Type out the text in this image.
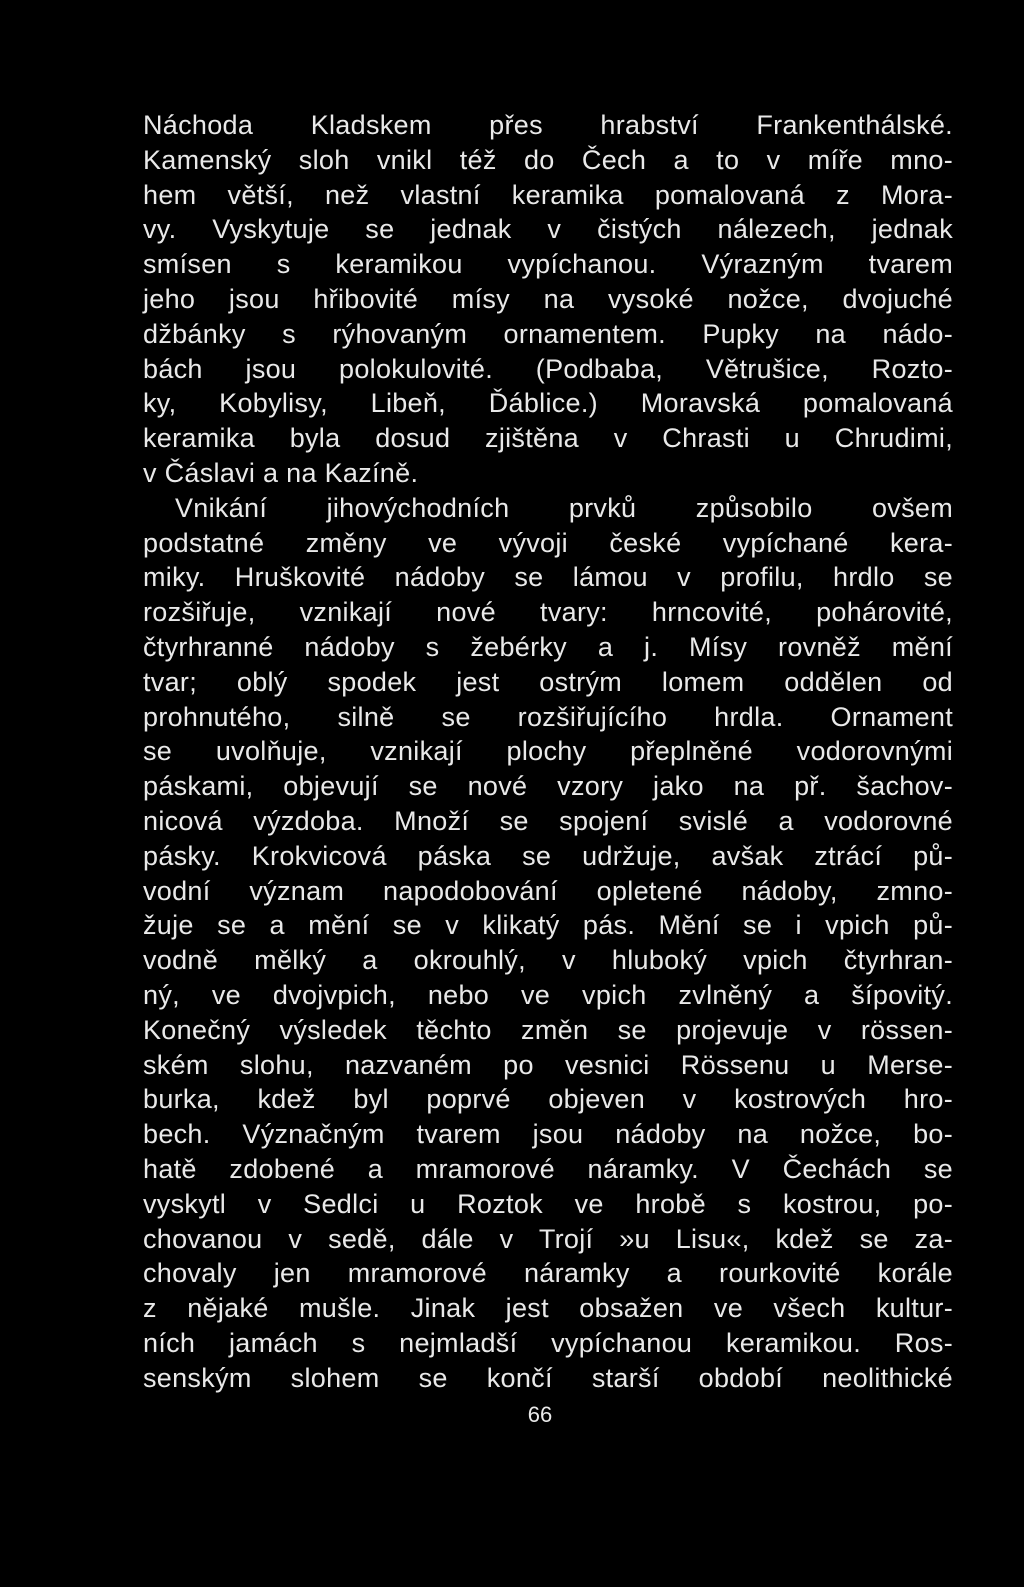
Náchoda Kladskem přes hrabství Frankenthálské.
Kamenský sloh vnikl též do Čech a to v míře mno-
hem větší, než vlastní keramika pomalovaná z Mora-
vy. Vyskytuje se jednak v čistých nálezech, jednak
smísen s keramikou vypíchanou. Výrazným tvarem
jeho jsou hřibovité mísy na vysoké nožce, dvojuché
džbánky s rýhovaným ornamentem. Pupky na nádo-
bách jsou polokulovité. (Podbaba, Větrušice, Rozto-
ky, Kobylisy, Libeň, Ďáblice.) Moravská pomalovaná
keramika byla dosud zjištěna v Chrasti u Chrudimi,
v Čáslavi a na Kazíně.
Vnikání jihovýchodních prvků způsobilo ovšem
podstatné změny ve vývoji české vypíchané kera-
miky. Hruškovité nádoby se lámou v profilu, hrdlo se
rozšiřuje, vznikají nové tvary: hrncovité, pohárovité,
čtyrhranné nádoby s žebérky a j. Mísy rovněž mění
tvar; oblý spodek jest ostrým lomem oddělen od
prohnutého, silně se rozšiřujícího hrdla. Ornament
se uvolňuje, vznikají plochy přeplněné vodorovnými
páskami, objevují se nové vzory jako na př. šachov-
nicová výzdoba. Množí se spojení svislé a vodorovné
pásky. Krokvicová páska se udržuje, avšak ztrácí pů-
vodní význam napodobování opletené nádoby, zmno-
žuje se a mění se v klikatý pás. Mění se i vpich pů-
vodně mělký a okrouhlý, v hluboký vpich čtyrhran-
ný, ve dvojvpich, nebo ve vpich zvlněný a šípovitý.
Konečný výsledek těchto změn se projevuje v rössen-
ském slohu, nazvaném po vesnici Rössenu u Merse-
burka, kdež byl poprvé objeven v kostrových hro-
bech. Význačným tvarem jsou nádoby na nožce, bo-
hatě zdobené a mramorové náramky. V Čechách se
vyskytl v Sedlci u Roztok ve hrobě s kostrou, po-
chovanou v sedě, dále v Trojí »u Lisu«, kdež se za-
chovaly jen mramorové náramky a rourkovité korále
z nějaké mušle. Jinak jest obsažen ve všech kultur-
ních jamách s nejmladší vypíchanou keramikou. Ros-
senským slohem se končí starší období neolithické
66
